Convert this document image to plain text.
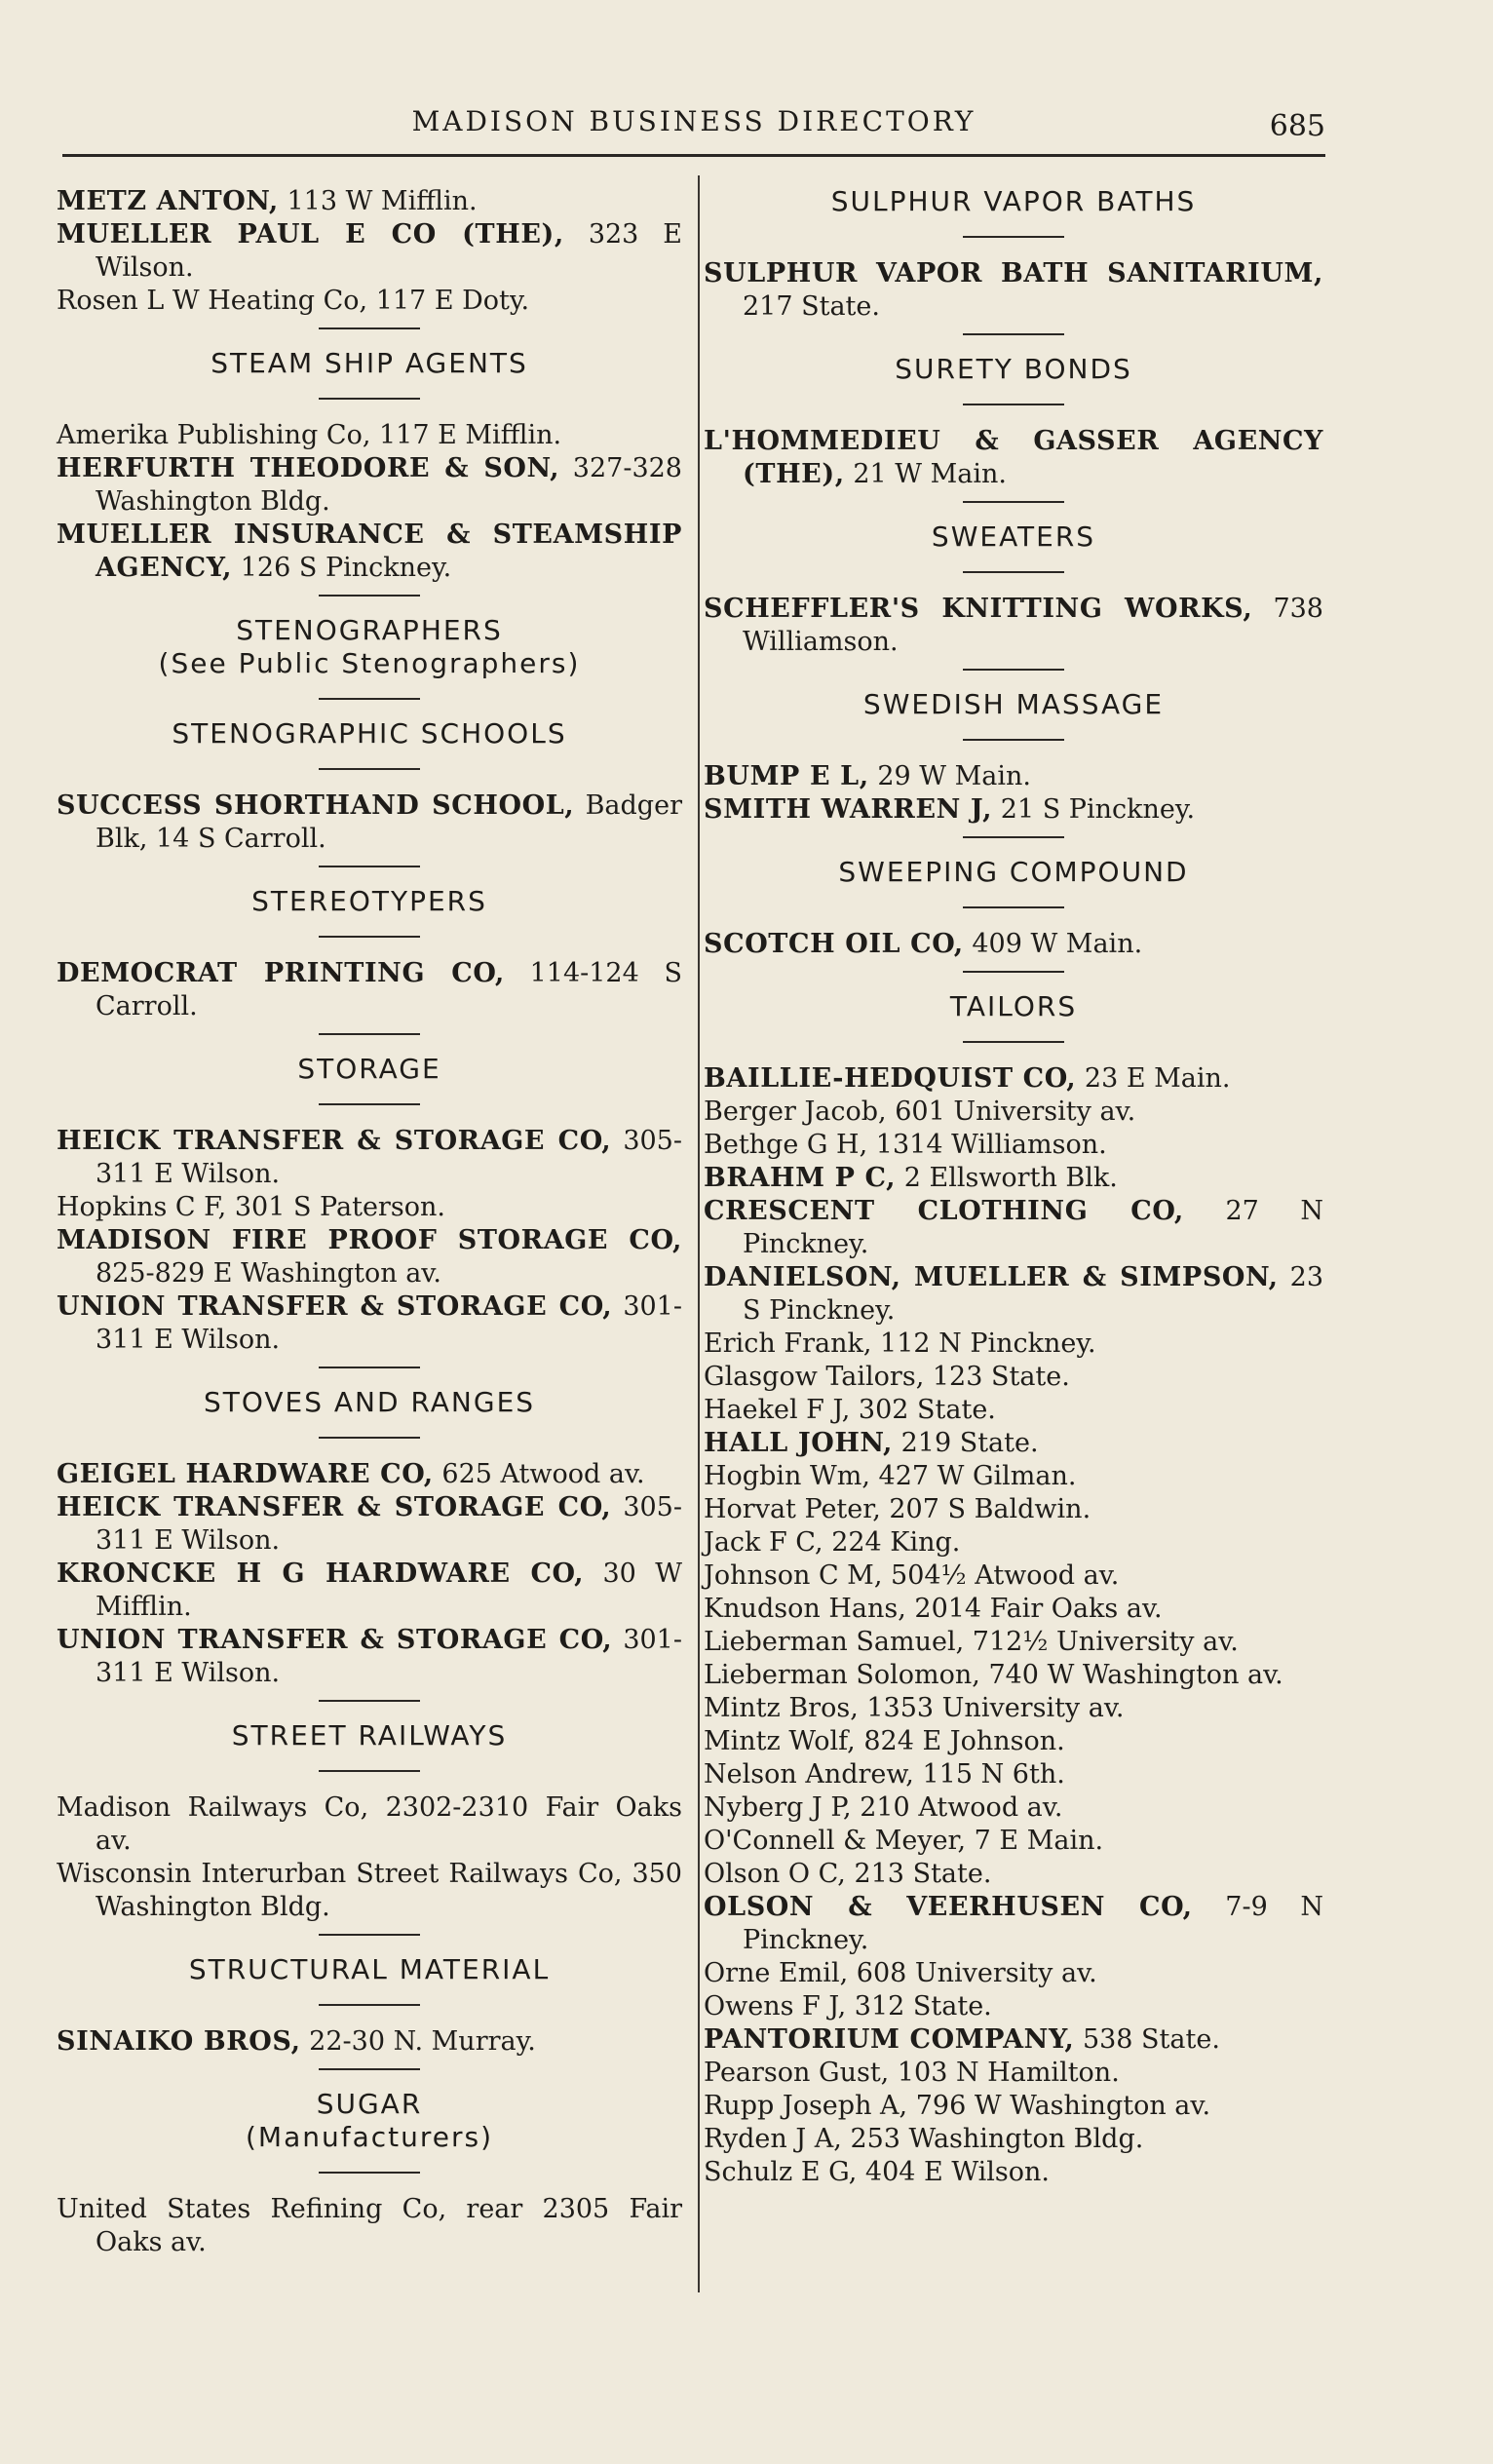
MADISON BUSINESS DIRECTORY	685
METZ ANTON, 113 W Mifflin.
MUELLER PAUL E CO (THE), 323 E Wilson.
Rosen L W Heating Co, 117 E Doty.
STEAM SHIP AGENTS
Amerika Publishing Co, 117 E Mifflin.
HERFURTH THEODORE & SON, 327-328 Washington Bldg.
MUELLER INSURANCE & STEAMSHIP AGENCY, 126 S Pinckney.
STENOGRAPHERS
(See Public Stenographers)
STENOGRAPHIC SCHOOLS
SUCCESS SHORTHAND SCHOOL, Badger Blk, 14 S Carroll.
STEREOTYPERS
DEMOCRAT PRINTING CO, 114-124 S Carroll.
STORAGE
HEICK TRANSFER & STORAGE CO, 305-311 E Wilson.
Hopkins C F, 301 S Paterson.
MADISON FIRE PROOF STORAGE CO, 825-829 E Washington av.
UNION TRANSFER & STORAGE CO, 301-311 E Wilson.
STOVES AND RANGES
GEIGEL HARDWARE CO, 625 Atwood av.
HEICK TRANSFER & STORAGE CO, 305-311 E Wilson.
KRONCKE H G HARDWARE CO, 30 W Mifflin.
UNION TRANSFER & STORAGE CO, 301-311 E Wilson.
STREET RAILWAYS
Madison Railways Co, 2302-2310 Fair Oaks av.
Wisconsin Interurban Street Railways Co, 350 Washington Bldg.
STRUCTURAL MATERIAL
SINAIKO BROS, 22-30 N. Murray.
SUGAR
(Manufacturers)
United States Refining Co, rear 2305 Fair Oaks av.
SULPHUR VAPOR BATHS
SULPHUR VAPOR BATH SANITARIUM, 217 State.
SURETY BONDS
L'HOMMEDIEU & GASSER AGENCY (THE), 21 W Main.
SWEATERS
SCHEFFLER'S KNITTING WORKS, 738 Williamson.
SWEDISH MASSAGE
BUMP E L, 29 W Main.
SMITH WARREN J, 21 S Pinckney.
SWEEPING COMPOUND
SCOTCH OIL CO, 409 W Main.
TAILORS
BAILLIE-HEDQUIST CO, 23 E Main.
Berger Jacob, 601 University av.
Bethge G H, 1314 Williamson.
BRAHM P C, 2 Ellsworth Blk.
CRESCENT CLOTHING CO, 27 N Pinckney.
DANIELSON, MUELLER & SIMPSON, 23 S Pinckney.
Erich Frank, 112 N Pinckney.
Glasgow Tailors, 123 State.
Haekel F J, 302 State.
HALL JOHN, 219 State.
Hogbin Wm, 427 W Gilman.
Horvat Peter, 207 S Baldwin.
Jack F C, 224 King.
Johnson C M, 504½ Atwood av.
Knudson Hans, 2014 Fair Oaks av.
Lieberman Samuel, 712½ University av.
Lieberman Solomon, 740 W Washington av.
Mintz Bros, 1353 University av.
Mintz Wolf, 824 E Johnson.
Nelson Andrew, 115 N 6th.
Nyberg J P, 210 Atwood av.
O'Connell & Meyer, 7 E Main.
Olson O C, 213 State.
OLSON & VEERHUSEN CO, 7-9 N Pinckney.
Orne Emil, 608 University av.
Owens F J, 312 State.
PANTORIUM COMPANY, 538 State.
Pearson Gust, 103 N Hamilton.
Rupp Joseph A, 796 W Washington av.
Ryden J A, 253 Washington Bldg.
Schulz E G, 404 E Wilson.
